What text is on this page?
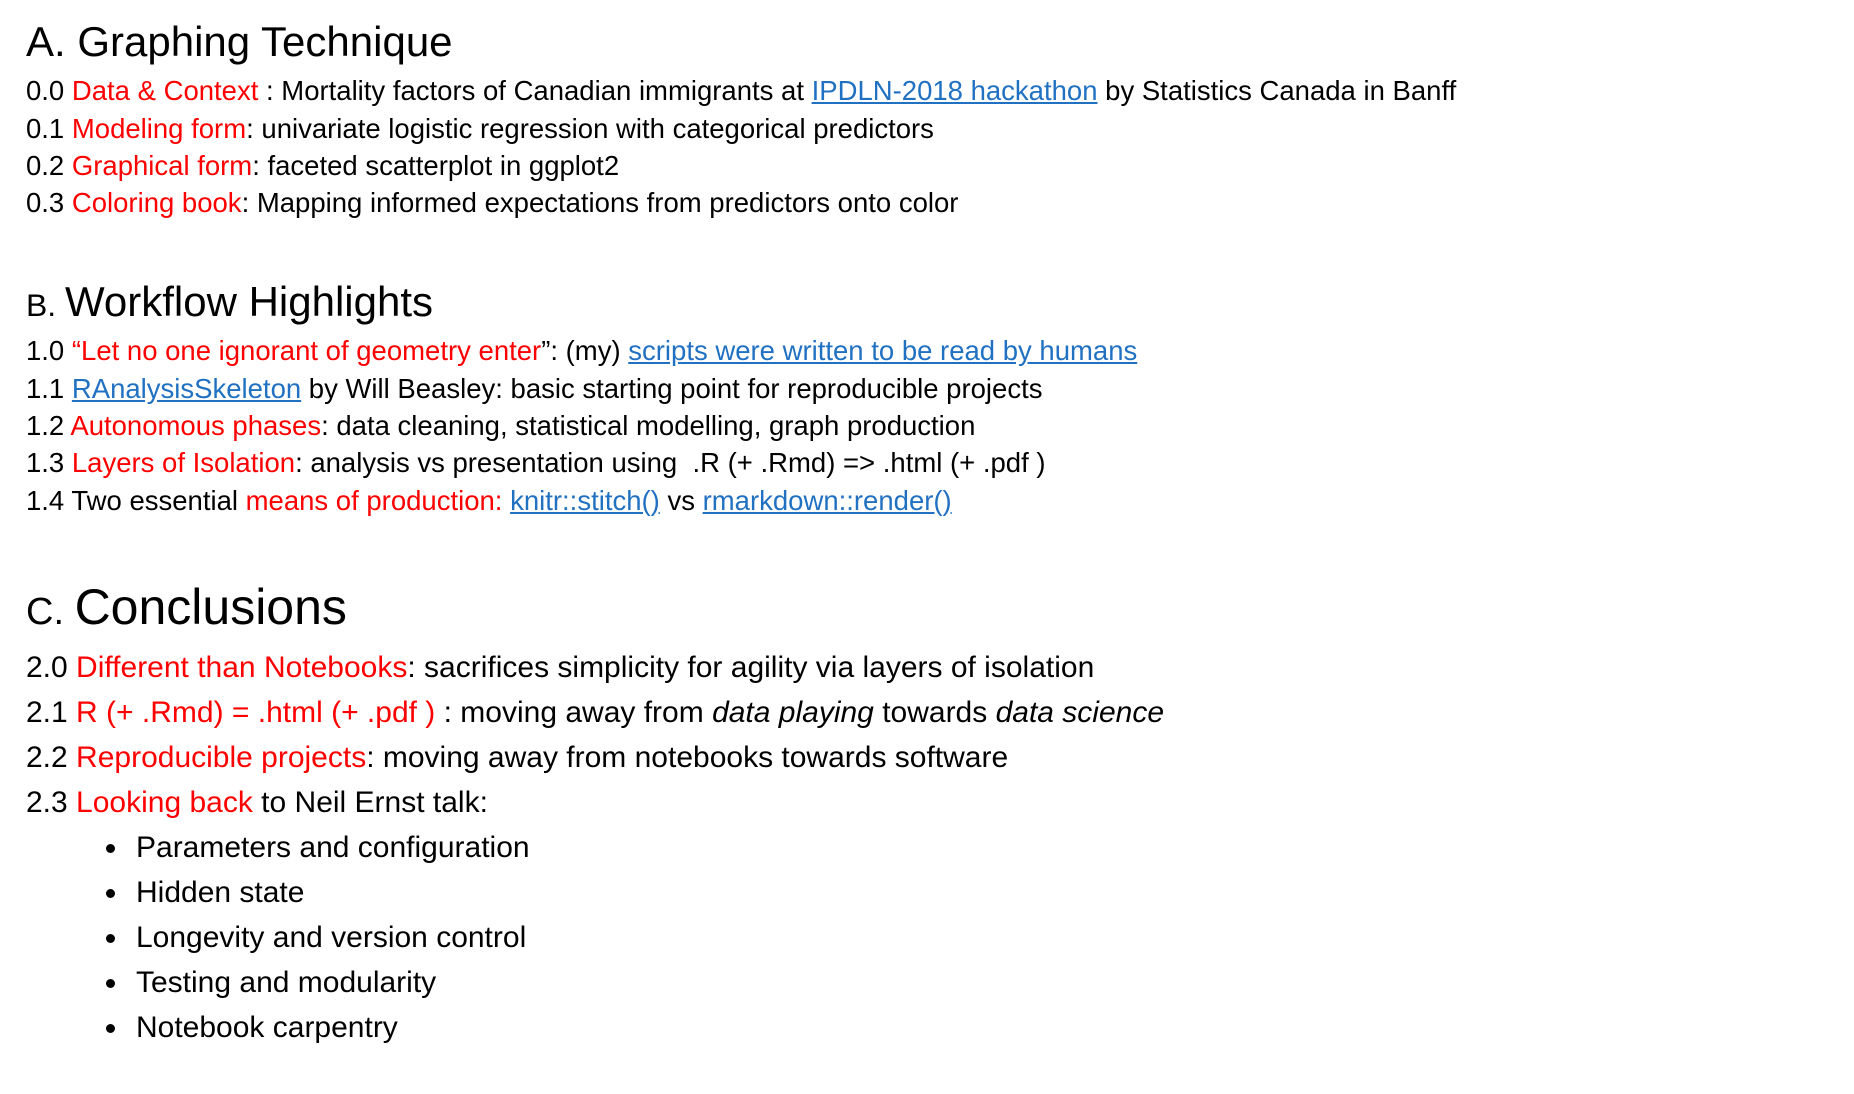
A. Graphing Technique
0.0 Data & Context : Mortality factors of Canadian immigrants at IPDLN-2018 hackathon by Statistics Canada in Banff
0.1 Modeling form: univariate logistic regression with categorical predictors
0.2 Graphical form: faceted scatterplot in ggplot2
0.3 Coloring book: Mapping informed expectations from predictors onto color
B. Workflow Highlights
1.0 “Let no one ignorant of geometry enter”: (my) scripts were written to be read by humans
1.1 RAnalysisSkeleton by Will Beasley: basic starting point for reproducible projects
1.2 Autonomous phases: data cleaning, statistical modelling, graph production
1.3 Layers of Isolation: analysis vs presentation using  .R (+ .Rmd) => .html (+ .pdf )
1.4 Two essential means of production: knitr::stitch() vs rmarkdown::render()
C. Conclusions
2.0 Different than Notebooks: sacrifices simplicity for agility via layers of isolation
2.1 R (+ .Rmd) = .html (+ .pdf ) : moving away from data playing towards data science
2.2 Reproducible projects: moving away from notebooks towards software
2.3 Looking back to Neil Ernst talk:
• Parameters and configuration
• Hidden state
• Longevity and version control
• Testing and modularity
• Notebook carpentry
